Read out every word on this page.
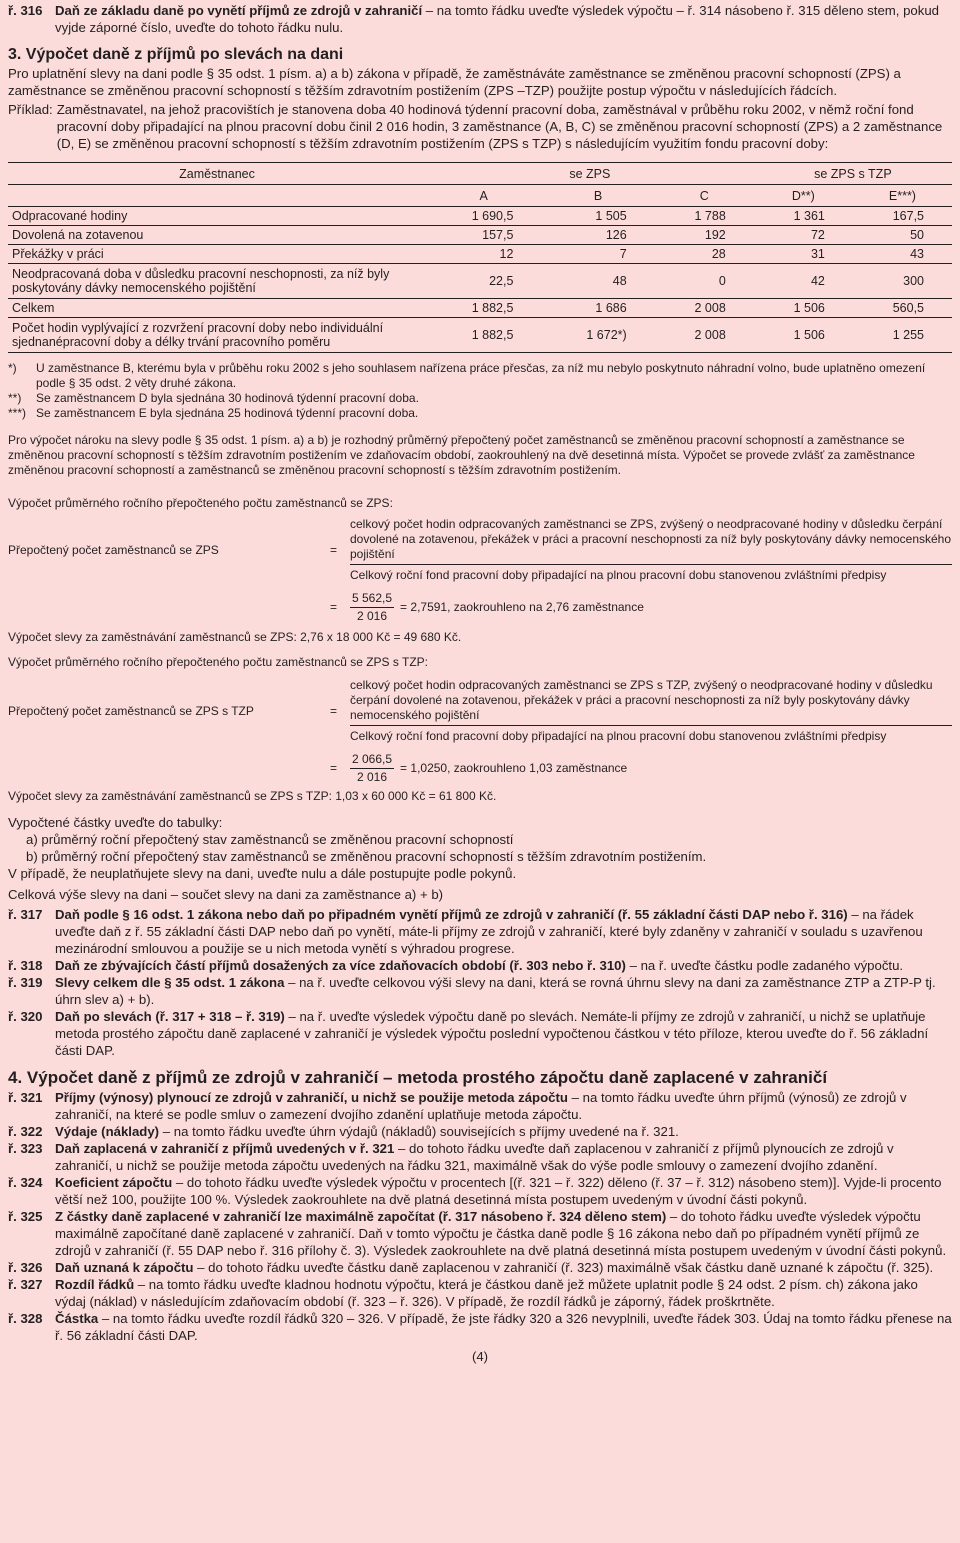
ř. 316 Daň ze základu daně po vynětí příjmů ze zdrojů v zahraničí – na tomto řádku uveďte výsledek výpočtu – ř. 314 násobeno ř. 315 děleno stem, pokud vyjde záporné číslo, uveďte do tohoto řádku nulu.

3. Výpočet daně z příjmů po slevách na dani

Pro uplatnění slevy na dani podle § 35 odst. 1 písm. a) a b) zákona v případě, že zaměstnáváte zaměstnance se změněnou pracovní schopností (ZPS) a zaměstnance se změněnou pracovní schopností s těžším zdravotním postižením (ZPS –TZP) použijte postup výpočtu v následujících řádcích.

Příklad: Zaměstnavatel, na jehož pracovištích je stanovena doba 40 hodinová týdenní pracovní doba, zaměstnával v průběhu roku 2002, v němž roční fond pracovní doby připadající na plnou pracovní dobu činil 2 016 hodin, 3 zaměstnance (A, B, C) se změněnou pracovní schopností (ZPS) a 2 zaměstnance (D, E) se změněnou pracovní schopností s těžším zdravotním postižením (ZPS s TZP) s následujícím využitím fondu pracovní doby:

Zaměstnanec	se ZPS			se ZPS s TZP	
	A	B	C	D**)	E***)
Odpracované hodiny	1 690,5	1 505	1 788	1 361	167,5
Dovolená na zotavenou	157,5	126	192	72	50
Překážky v práci	12	7	28	31	43
Neodpracovaná doba v důsledku pracovní neschopnosti, za níž byly poskytovány dávky nemocenského pojištění	22,5	48	0	42	300
Celkem	1 882,5	1 686	2 008	1 506	560,5
Počet hodin vyplývající z rozvržení pracovní doby nebo individuální sjednanépracovní doby a délky trvání pracovního poměru	1 882,5	1 672*)	2 008	1 506	1 255
*)	U zaměstnance B, kterému byla v průběhu roku 2002 s jeho souhlasem nařízena práce přesčas, za níž mu nebylo poskytnuto náhradní volno, bude uplatněno omezení podle § 35 odst. 2 věty druhé zákona.

**)	Se zaměstnancem D byla sjednána 30 hodinová týdenní pracovní doba.

***) Se zaměstnancem E byla sjednána 25 hodinová týdenní pracovní doba.

Pro výpočet nároku na slevy podle § 35 odst. 1 písm. a) a b) je rozhodný průměrný přepočtený počet zaměstnanců se změněnou pracovní schopností a zaměstnance se změněnou pracovní schopností s těžším zdravotním postižením ve zdaňovacím období, zaokrouhlený na dvě desetinná místa. Výpočet se provede zvlášť za zaměstnance změněnou pracovní schopností a zaměstnanců se změněnou pracovní schopností s těžším zdravotním postižením.

Výpočet průměrného ročního přepočteného počtu zaměstnanců se ZPS:

Přepočtený počet zaměstnanců se ZPS	=
celkový počet hodin odpracovaných zaměstnanci se ZPS, zvýšený o neodpracované hodiny v důsledku čerpání dovolené na zotavenou, překážek v práci a pracovní neschopnosti za níž byly poskytovány dávky nemocenského pojištění
Celkový roční fond pracovní doby připadající na plnou pracovní dobu stanovenou zvláštními předpisy
=	$\frac{5 562,5}{2 016} = 2,7591$, zaokrouhleno na 2,76 zaměstnance

Výpočet slevy za zaměstnávání zaměstnanců se ZPS: 2,76 x 18 000 Kč = 49 680 Kč.

Výpočet průměrného ročního přepočteného počtu zaměstnanců se ZPS s TZP:

Přepočtený počet zaměstnanců se ZPS s TZP	=
celkový počet hodin odpracovaných zaměstnanci se ZPS s TZP, zvýšený o neodpracované hodiny v důsledku čerpání dovolené na zotavenou, překážek v práci a pracovní neschopnosti za níž byly poskytovány dávky nemocenského pojištění
Celkový roční fond pracovní doby připadající na plnou pracovní dobu stanovenou zvláštními předpisy
=	$\frac{2 066,5}{2 016} = 1,0250$, zaokrouhleno 1,03 zaměstnance

Výpočet slevy za zaměstnávání zaměstnanců se ZPS s TZP: 1,03 x 60 000 Kč = 61 800 Kč.

Vypočtené částky uveďte do tabulky:

a) průměrný roční přepočtený stav zaměstnanců se změněnou pracovní schopností

b) průměrný roční přepočtený stav zaměstnanců se změněnou pracovní schopností s těžším zdravotním postižením.

V případě, že neuplatňujete slevy na dani, uveďte nulu a dále postupujte podle pokynů.

Celková výše slevy na dani – součet slevy na dani za zaměstnance a) + b)

ř. 317 Daň podle § 16 odst. 1 zákona nebo daň po připadném vynětí příjmů ze zdrojů v zahraničí (ř. 55 základní části DAP nebo ř. 316) – na řádek uveďte daň z ř. 55 základní části DAP nebo daň po vynětí, máte-li příjmy ze zdrojů v zahraničí, které byly zdaněny v zahraničí v souladu s uzavřenou mezinárodní smlouvou a použije se u nich metoda vynětí s výhradou progrese.

ř. 318 Daň ze zbývajících částí příjmů dosažených za více zdaňovacích období (ř. 303 nebo ř. 310) – na ř. uveďte částku podle zadaného výpočtu.

ř. 319 Slevy celkem dle § 35 odst. 1 zákona – na ř. uveďte celkovou výši slevy na dani, která se rovná úhrnu slevy na dani za zaměstnance ZTP a ZTP-P tj. úhrn slev a) + b).

ř. 320 Daň po slevách (ř. 317 + 318 – ř. 319) – na ř. uveďte výsledek výpočtu daně po slevách. Nemáte-li příjmy ze zdrojů v zahraničí, u nichž se uplatňuje metoda prostého zápočtu daně zaplacené v zahraničí je výsledek výpočtu poslední vypočtenou částkou v této příloze, kterou uveďte do ř. 56 základní části DAP.

4. Výpočet daně z příjmů ze zdrojů v zahraničí – metoda prostého zápočtu daně zaplacené v zahraničí
ř. 321 Příjmy (výnosy) plynoucí ze zdrojů v zahraničí, u nichž se použije metoda zápočtu – na tomto řádku uveďte úhrn příjmů (výnosů) ze zdrojů v zahraničí, na které se podle smluv o zamezení dvojího zdanění uplatňuje metoda zápočtu.

ř. 322 Výdaje (náklady) – na tomto řádku uveďte úhrn výdajů (nákladů) souvisejících s příjmy uvedené na ř. 321.

ř. 323 Daň zaplacená v zahraničí z příjmů uvedených v ř. 321 – do tohoto řádku uveďte daň zaplacenou v zahraničí z příjmů plynoucích ze zdrojů v zahraničí, u nichž se použije metoda zápočtu uvedených na řádku 321, maximálně však do výše podle smlouvy o zamezení dvojího zdanění.

ř. 324 Koeficient zápočtu – do tohoto řádku uveďte výsledek výpočtu v procentech [(ř. 321 – ř. 322) děleno (ř. 37 – ř. 312) násobeno stem)]. Vyjde-li procento větší než 100, použijte 100 %. Výsledek zaokrouhlete na dvě platná desetinná místa postupem uvedeným v úvodní části pokynů.

ř. 325 Z částky daně zaplacené v zahraničí lze maximálně započítat (ř. 317 násobeno ř. 324 děleno stem) – do tohoto řádku uveďte výsledek výpočtu maximálně započítané daně zaplacené v zahraničí. Daň v tomto výpočtu je částka daně podle § 16 zákona nebo daň po případném vynětí příjmů ze zdrojů v zahraničí (ř. 55 DAP nebo ř. 316 přílohy č. 3). Výsledek zaokrouhlete na dvě platná desetinná místa postupem uvedeným v úvodní části pokynů.

ř. 326 Daň uznaná k zápočtu – do tohoto řádku uveďte částku daně zaplacenou v zahraničí (ř. 323) maximálně však částku daně uznané k zápočtu (ř. 325).

ř. 327 Rozdíl řádků – na tomto řádku uveďte kladnou hodnotu výpočtu, která je částkou daně jež můžete uplatnit podle § 24 odst. 2 písm. ch) zákona jako výdaj (náklad) v následujícím zdaňovacím období (ř. 323 – ř. 326). V případě, že rozdíl řádků je záporný, řádek proškrtněte.

ř. 328 Částka – na tomto řádku uveďte rozdíl řádků 320 – 326. V případě, že jste řádky 320 a 326 nevyplnili, uveďte řádek 303. Údaj na tomto řádku přenese na ř. 56 základní části DAP.

(4)
